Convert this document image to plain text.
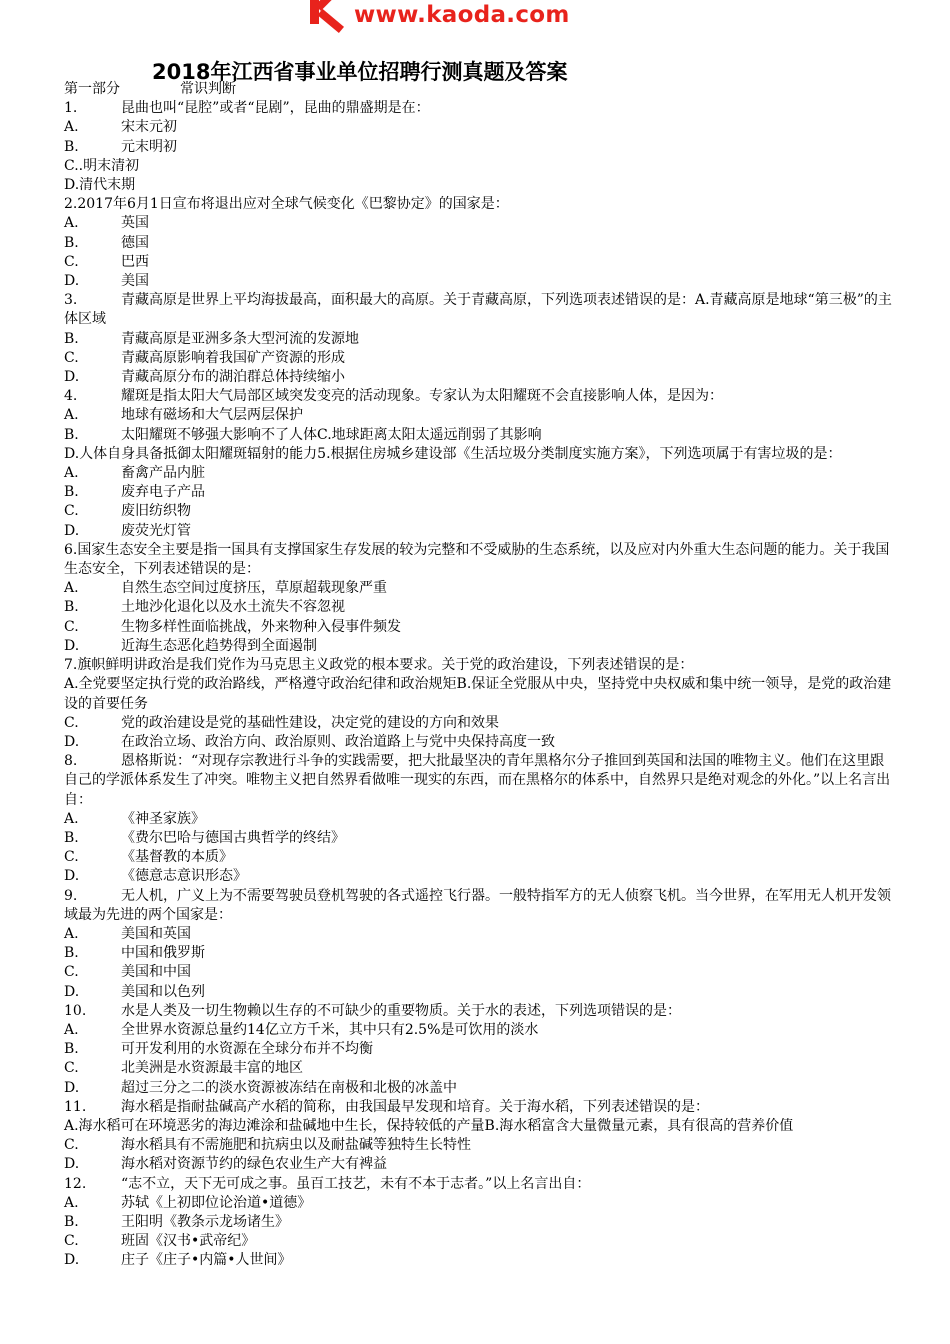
www.kaoda.com
2018年江西省事业单位招聘行测真题及答案
第一部分	常识判断
1.	昆曲也叫“昆腔”或者“昆剧”，昆曲的鼎盛期是在：
A.	宋末元初
B.	元末明初
C..明末清初
D.清代末期
2.2017年6月1日宣布将退出应对全球气候变化《巴黎协定》的国家是：
A.	英国
B.	德国
C.	巴西
D.	美国
3.	青藏高原是世界上平均海拔最高，面积最大的高原。关于青藏高原，下列选项表述错误的是：A.青藏高原是地球“第三极”的主体区域
B.	青藏高原是亚洲多条大型河流的发源地
C.	青藏高原影响着我国矿产资源的形成
D.	青藏高原分布的湖泊群总体持续缩小
4.	耀斑是指太阳大气局部区域突发变亮的活动现象。专家认为太阳耀斑不会直接影响人体，是因为：
A.	地球有磁场和大气层两层保护
B.	太阳耀斑不够强大影响不了人体C.地球距离太阳太遥远削弱了其影响
D.人体自身具备抵御太阳耀斑辐射的能力5.根据住房城乡建设部《生活垃圾分类制度实施方案》，下列选项属于有害垃圾的是：
A.	畜禽产品内脏
B.	废弃电子产品
C.	废旧纺织物
D.	废荧光灯管
6.国家生态安全主要是指一国具有支撑国家生存发展的较为完整和不受威胁的生态系统，以及应对内外重大生态问题的能力。关于我国生态安全，下列表述错误的是：
A.	自然生态空间过度挤压，草原超载现象严重
B.	土地沙化退化以及水土流失不容忽视
C.	生物多样性面临挑战，外来物种入侵事件频发
D.	近海生态恶化趋势得到全面遏制
7.旗帜鲜明讲政治是我们党作为马克思主义政党的根本要求。关于党的政治建设，下列表述错误的是：
A.全党要坚定执行党的政治路线，严格遵守政治纪律和政治规矩B.保证全党服从中央，坚持党中央权威和集中统一领导，是党的政治建设的首要任务
C.	党的政治建设是党的基础性建设，决定党的建设的方向和效果
D.	在政治立场、政治方向、政治原则、政治道路上与党中央保持高度一致
8.	恩格斯说：“对现存宗教进行斗争的实践需要，把大批最坚决的青年黑格尔分子推回到英国和法国的唯物主义。他们在这里跟自己的学派体系发生了冲突。唯物主义把自然界看做唯一现实的东西，而在黑格尔的体系中，自然界只是绝对观念的外化。”以上名言出自：
A.	《神圣家族》
B.	《费尔巴哈与德国古典哲学的终结》
C.	《基督教的本质》
D.	《德意志意识形态》
9.	无人机，广义上为不需要驾驶员登机驾驶的各式遥控飞行器。一般特指军方的无人侦察飞机。当今世界，在军用无人机开发领域最为先进的两个国家是：
A.	美国和英国
B.	中国和俄罗斯
C.	美国和中国
D.	美国和以色列
10. 水是人类及一切生物赖以生存的不可缺少的重要物质。关于水的表述，下列选项错误的是：
A.	全世界水资源总量约14亿立方千米，其中只有2.5%是可饮用的淡水
B.	可开发利用的水资源在全球分布并不均衡
C.	北美洲是水资源最丰富的地区
D.	超过三分之二的淡水资源被冻结在南极和北极的冰盖中
11. 海水稻是指耐盐碱高产水稻的简称，由我国最早发现和培育。关于海水稻，下列表述错误的是：
A.海水稻可在环境恶劣的海边滩涂和盐碱地中生长，保持较低的产量B.海水稻富含大量微量元素，具有很高的营养价值
C.	海水稻具有不需施肥和抗病虫以及耐盐碱等独特生长特性
D.	海水稻对资源节约的绿色农业生产大有裨益
12. “志不立，天下无可成之事。虽百工技艺，未有不本于志者。”以上名言出自：
A.	苏轼《上初即位论治道•道德》
B.	王阳明《教条示龙场诸生》
C.	班固《汉书•武帝纪》
D.	庄子《庄子•内篇•人世间》
